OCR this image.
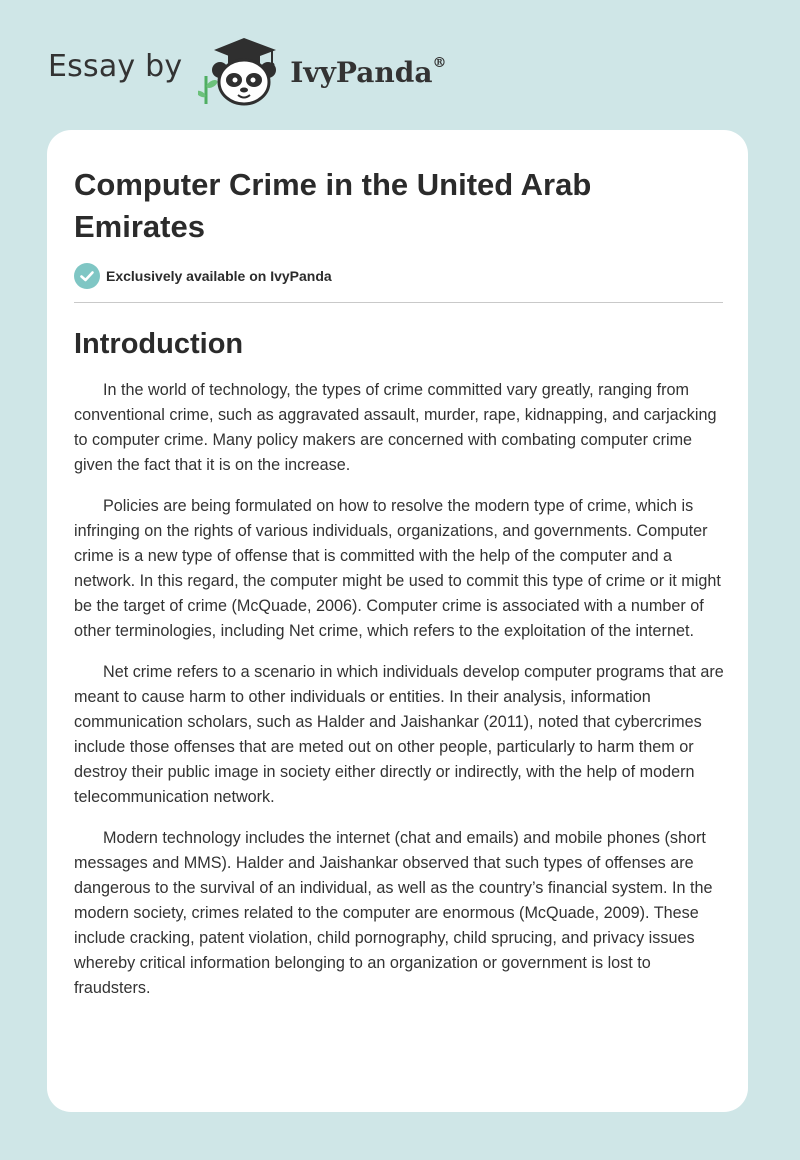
Essay by	IvyPanda®
Computer Crime in the United Arab Emirates
Exclusively available on IvyPanda
Introduction

In the world of technology, the types of crime committed vary greatly, ranging from conventional crime, such as aggravated assault, murder, rape, kidnapping, and carjacking to computer crime. Many policy makers are concerned with combating computer crime given the fact that it is on the increase.

Policies are being formulated on how to resolve the modern type of crime, which is infringing on the rights of various individuals, organizations, and governments. Computer crime is a new type of offense that is committed with the help of the computer and a network. In this regard, the computer might be used to commit this type of crime or it might be the target of crime (McQuade, 2006). Computer crime is associated with a number of other terminologies, including Net crime, which refers to the exploitation of the internet.

Net crime refers to a scenario in which individuals develop computer programs that are meant to cause harm to other individuals or entities. In their analysis, information communication scholars, such as Halder and Jaishankar (2011), noted that cybercrimes include those offenses that are meted out on other people, particularly to harm them or destroy their public image in society either directly or indirectly, with the help of modern telecommunication network.

Modern technology includes the internet (chat and emails) and mobile phones (short messages and MMS). Halder and Jaishankar observed that such types of offenses are dangerous to the survival of an individual, as well as the country’s financial system. In the modern society, crimes related to the computer are enormous (McQuade, 2009). These include cracking, patent violation, child pornography, child sprucing, and privacy issues whereby critical information belonging to an organization or government is lost to fraudsters.
